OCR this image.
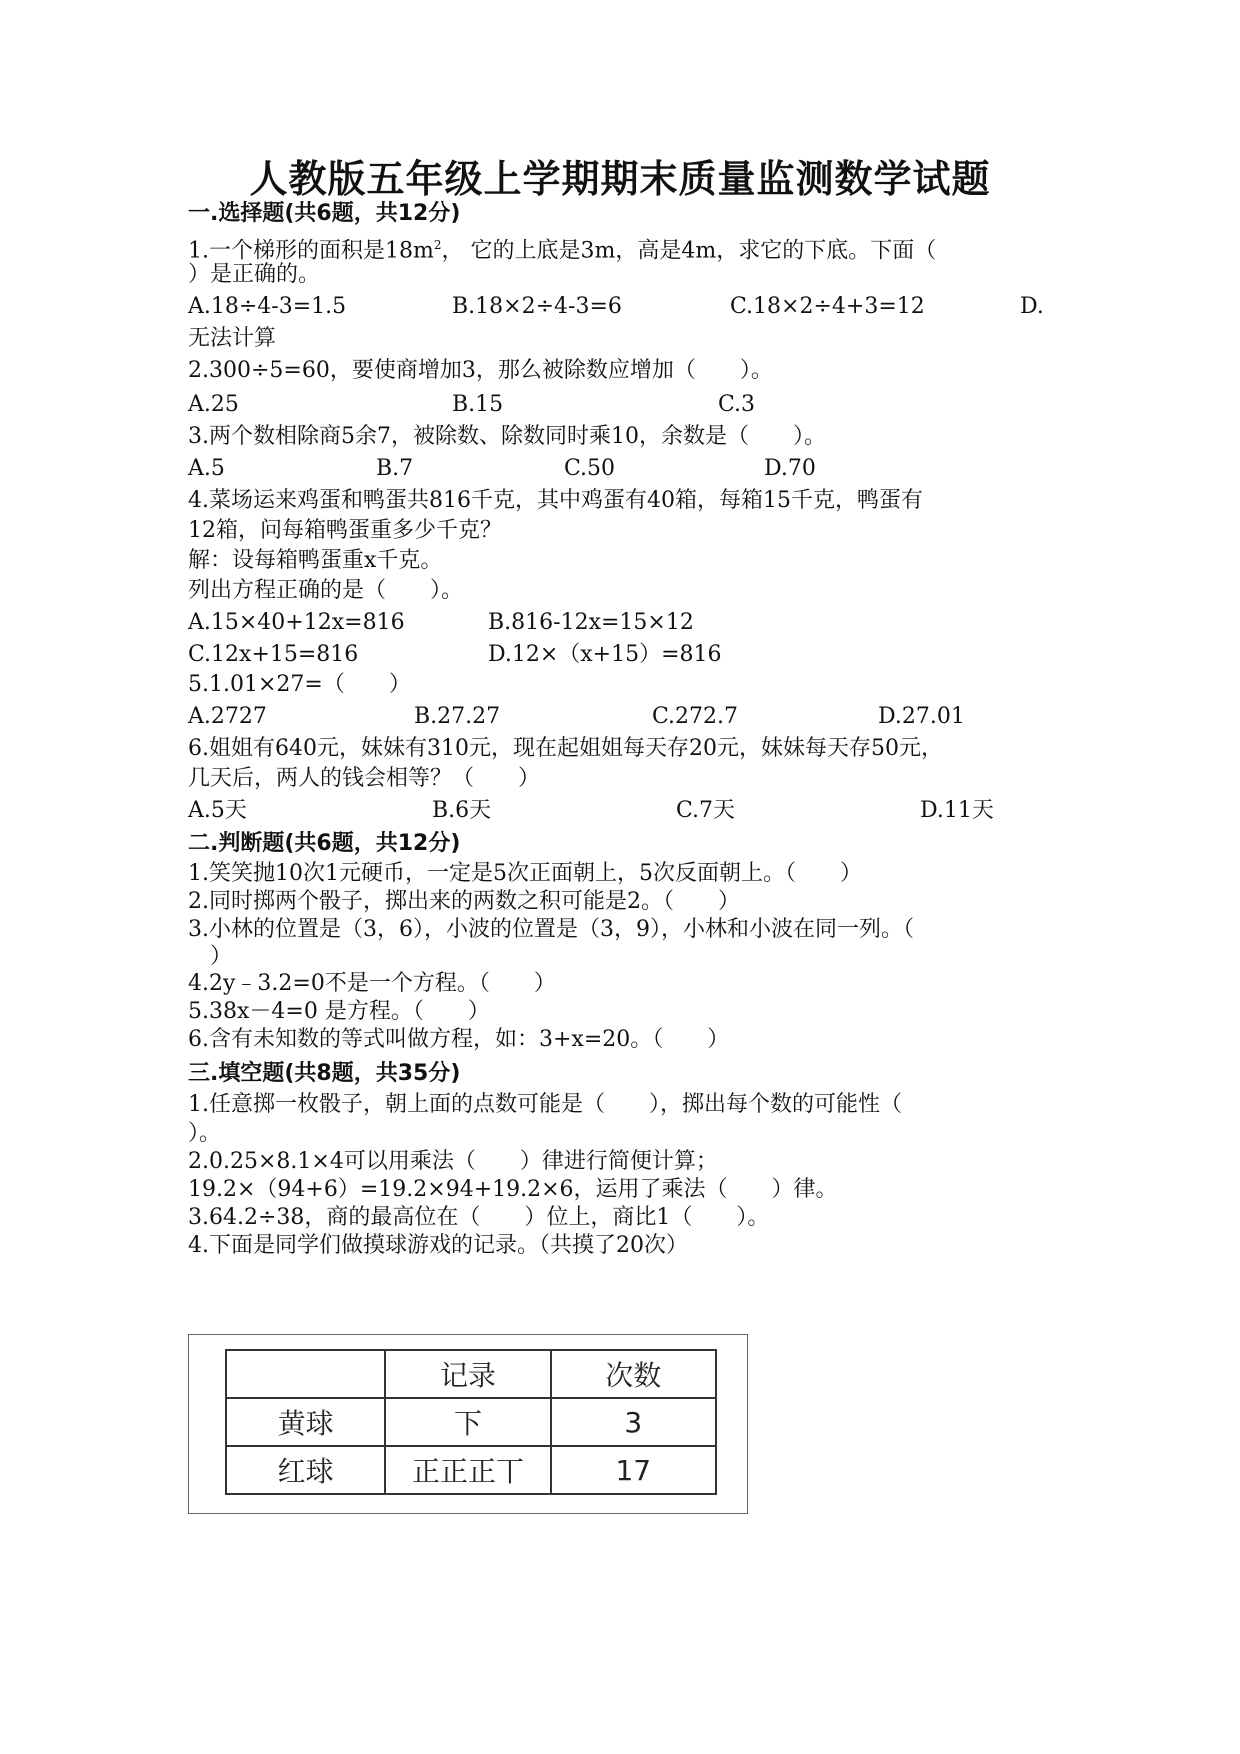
人教版五年级上学期期末质量监测数学试题
一.选择题(共6题，共12分)
1.一个梯形的面积是$18m^2$， 它的上底是3m，高是4m，求它的下底。下面（
）是正确的。
A.18÷4-3=1.5	B.18×2÷4-3=6	C.18×2÷4+3=12	D.
无法计算
2.300÷5=60，要使商增加3，那么被除数应增加（　　）。
A.25	B.15	C.3
3.两个数相除商5余7，被除数、除数同时乘10，余数是（　　）。
A.5	B.7	C.50	D.70
4.菜场运来鸡蛋和鸭蛋共816千克，其中鸡蛋有40箱，每箱15千克，鸭蛋有
12箱，问每箱鸭蛋重多少千克？
解：设每箱鸭蛋重x千克。
列出方程正确的是（　　）。
A.15×40+12x=816	B.816-12x=15×12
C.12x+15=816	D.12×（x+15）=816
5.1.01×27=（　　）
A.2727	B.27.27	C.272.7	D.27.01
6.姐姐有640元，妹妹有310元，现在起姐姐每天存20元，妹妹每天存50元，
几天后，两人的钱会相等？（　　）
A.5天	B.6天	C.7天	D.11天
二.判断题(共6题，共12分)
1.笑笑抛10次1元硬币，一定是5次正面朝上，5次反面朝上。（　　）
2.同时掷两个骰子，掷出来的两数之积可能是2。（　　）
3.小林的位置是（3，6），小波的位置是（3，9），小林和小波在同一列。（
　）
4.2y﹣3.2=0不是一个方程。（　　）
5.38x－4=0 是方程。（　　）
6.含有未知数的等式叫做方程，如：3+x=20。（　　）
三.填空题(共8题，共35分)
1.任意掷一枚骰子，朝上面的点数可能是（　　），掷出每个数的可能性（
）。
2.0.25×8.1×4可以用乘法（　　）律进行简便计算；
19.2×（94+6）=19.2×94+19.2×6，运用了乘法（　　）律。
3.64.2÷38，商的最高位在（　　）位上，商比1（　　）。
4.下面是同学们做摸球游戏的记录。（共摸了20次）
	记录	次数
黄球	下	3
红球	正正正丅	17
